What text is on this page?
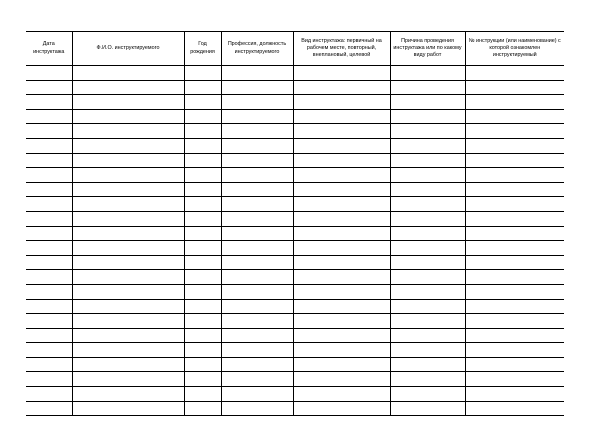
Дата инструктажа	Ф.И.О. инструктируемого	Год рождения	Профессия, должность инструктируемого	Вид инструктажа: первичный на рабочем месте, повторный, внеплановый, целевой	Причина проведения инструктажа или по какому виду работ	№ инструкции (или наименование) с которой ознакомлен инструктируемый
